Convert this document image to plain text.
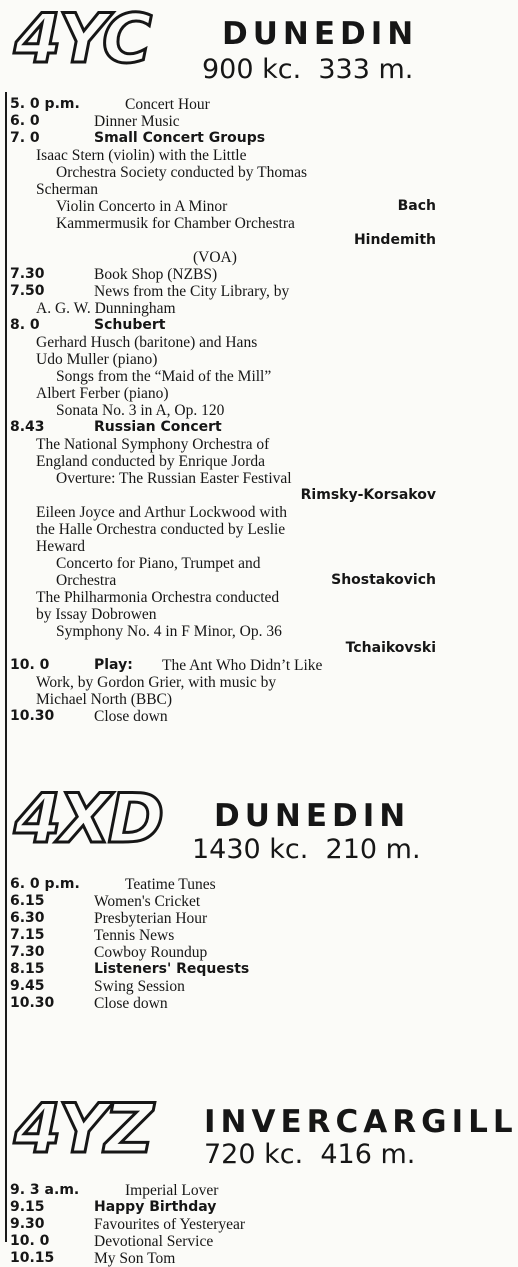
4YC DUNEDIN
900 kc. 333 m.
5. 0 p.m.	Concert Hour
6. 0	Dinner Music
7. 0	Small Concert Groups
Isaac Stern (violin) with the Little
Orchestra Society conducted by Thomas
Scherman
Violin Concerto in A Minor	Bach
Kammermusik for Chamber Orchestra
Hindemith
(VOA)
7.30	Book Shop (NZBS)
7.50	News from the City Library, by
A. G. W. Dunningham
8. 0	Schubert
Gerhard Husch (baritone) and Hans
Udo Muller (piano)
Songs from the “Maid of the Mill”
Albert Ferber (piano)
Sonata No. 3 in A, Op. 120
8.43	Russian Concert
The National Symphony Orchestra of
England conducted by Enrique Jorda
Overture: The Russian Easter Festival
Rimsky-Korsakov
Eileen Joyce and Arthur Lockwood with
the Halle Orchestra conducted by Leslie
Heward
Concerto for Piano, Trumpet and
Orchestra	Shostakovich
The Philharmonia Orchestra conducted
by Issay Dobrowen
Symphony No. 4 in F Minor, Op. 36
Tchaikovski
10. 0	Play: The Ant Who Didn’t Like
Work, by Gordon Grier, with music by
Michael North (BBC)
10.30	Close down
4XD DUNEDIN
1430 kc. 210 m.
6. 0 p.m.	Teatime Tunes
6.15	Women's Cricket
6.30	Presbyterian Hour
7.15	Tennis News
7.30	Cowboy Roundup
8.15	Listeners' Requests
9.45	Swing Session
10.30	Close down
4YZ INVERCARGILL
720 kc. 416 m.
9. 3 a.m.	Imperial Lover
9.15	Happy Birthday
9.30	Favourites of Yesteryear
10. 0	Devotional Service
10.15	My Son Tom
